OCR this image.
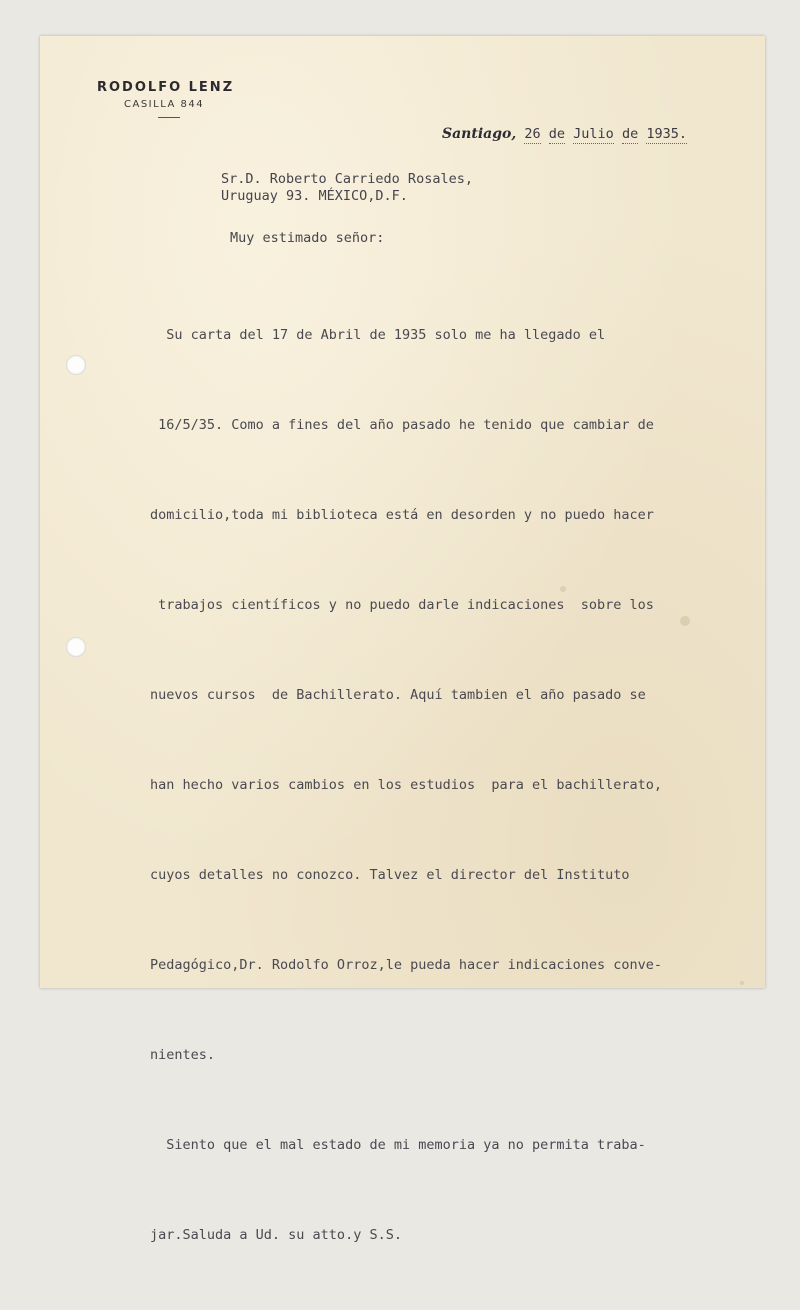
RODOLFO LENZ
CASILLA 844
Santiago, 26 de Julio de 1935.
Sr.D. Roberto Carriedo Rosales,
Uruguay 93. MÉXICO,D.F.
Muy estimado señor:

Su carta del 17 de Abril de 1935 solo me ha llegado el

16/5/35. Como a fines del año pasado he tenido que cambiar de

domicilio,toda mi biblioteca está en desorden y no puedo hacer

trabajos científicos y no puedo darle indicaciones  sobre los

nuevos cursos  de Bachillerato. Aquí tambien el año pasado se

han hecho varios cambios en los estudios  para el bachillerato,

cuyos detalles no conozco. Talvez el director del Instituto

Pedagógico,Dr. Rodolfo Orroz,le pueda hacer indicaciones conve-

nientes.

Siento que el mal estado de mi memoria ya no permita traba-

jar.Saluda a Ud. su atto.y S.S.
